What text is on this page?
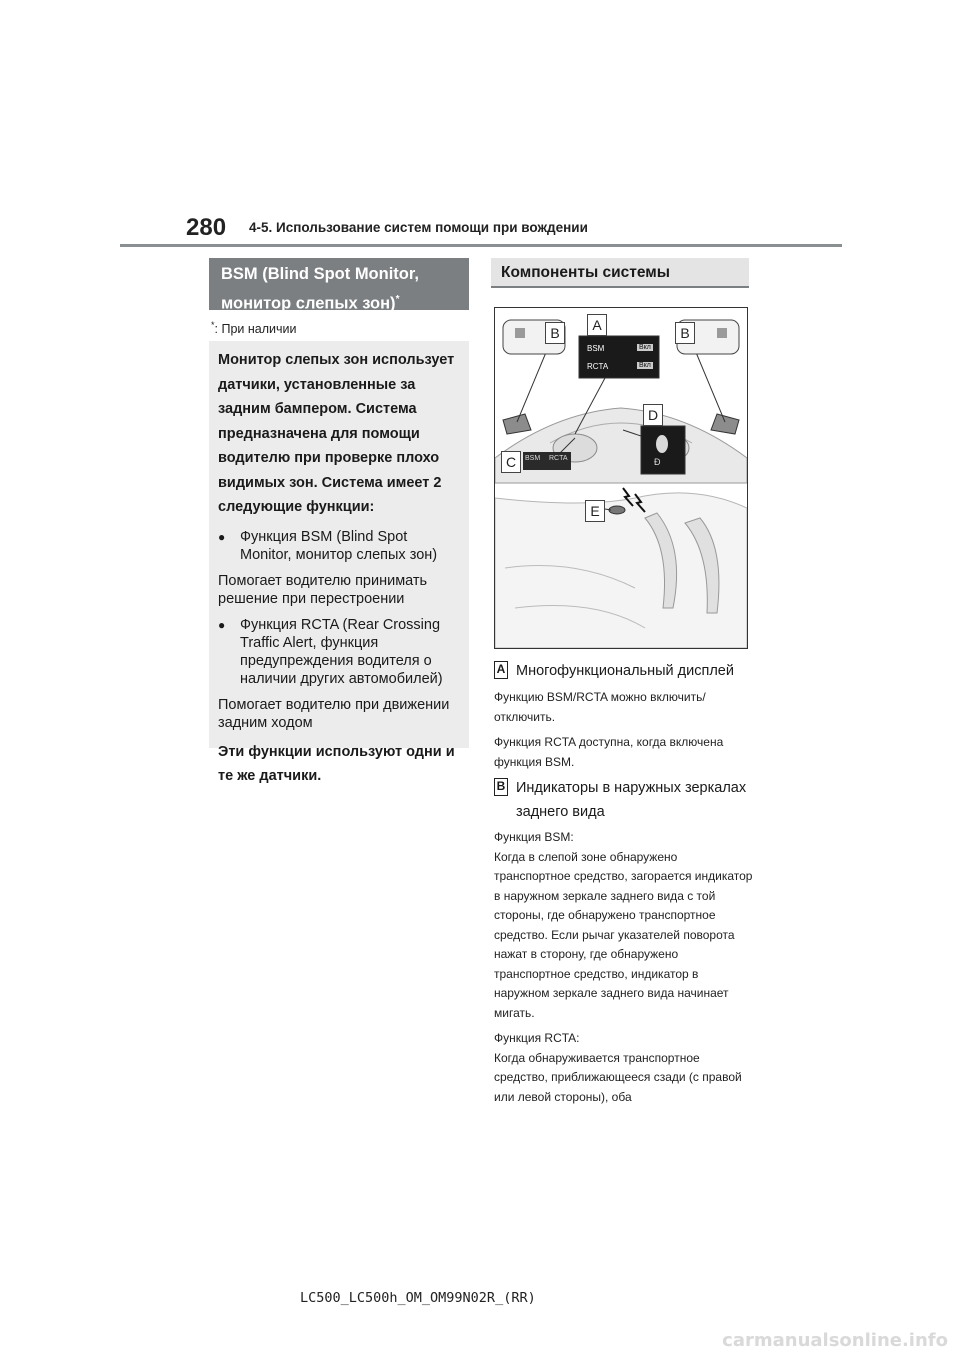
280 4-5. Использование систем помощи при вождении
BSM (Blind Spot Monitor,
монитор слепых зон)*
*: При наличии

Монитор слепых зон использует датчики, установленные за задним бампером. Система предназначена для помощи водителю при проверке плохо видимых зон. Система имеет 2 следующие функции:

●	Функция BSM (Blind Spot Monitor, монитор слепых зон)

Помогает водителю принимать решение при перестроении

●	Функция RCTA (Rear Crossing Traffic Alert, функция предупреждения водителя о наличии других автомобилей)

Помогает водителю при движении задним ходом

Эти функции используют одни и те же датчики.

Компоненты системы
B	A	B
D
C
E
BSM
RCTA
Вкл
Вкл
BSM RCTA	Đ
A Многофункциональный дисплей

Функцию BSM/RCTA можно включить/отключить.

Функция RCTA доступна, когда включена функция BSM.

B Индикаторы в наружных зеркалах
заднего вида

Функция BSM:

Когда в слепой зоне обнаружено транспортное средство, загорается индикатор в наружном зеркале заднего вида с той стороны, где обнаружено транспортное средство. Если рычаг указателей поворота нажат в сторону, где обнаружено транспортное средство, индикатор в наружном зеркале заднего вида начинает мигать.

Функция RCTA:

Когда обнаруживается транспортное средство, приближающееся сзади (с правой или левой стороны), оба

LC500_LC500h_OM_OM99N02R_(RR)
carmanualsonline.info
